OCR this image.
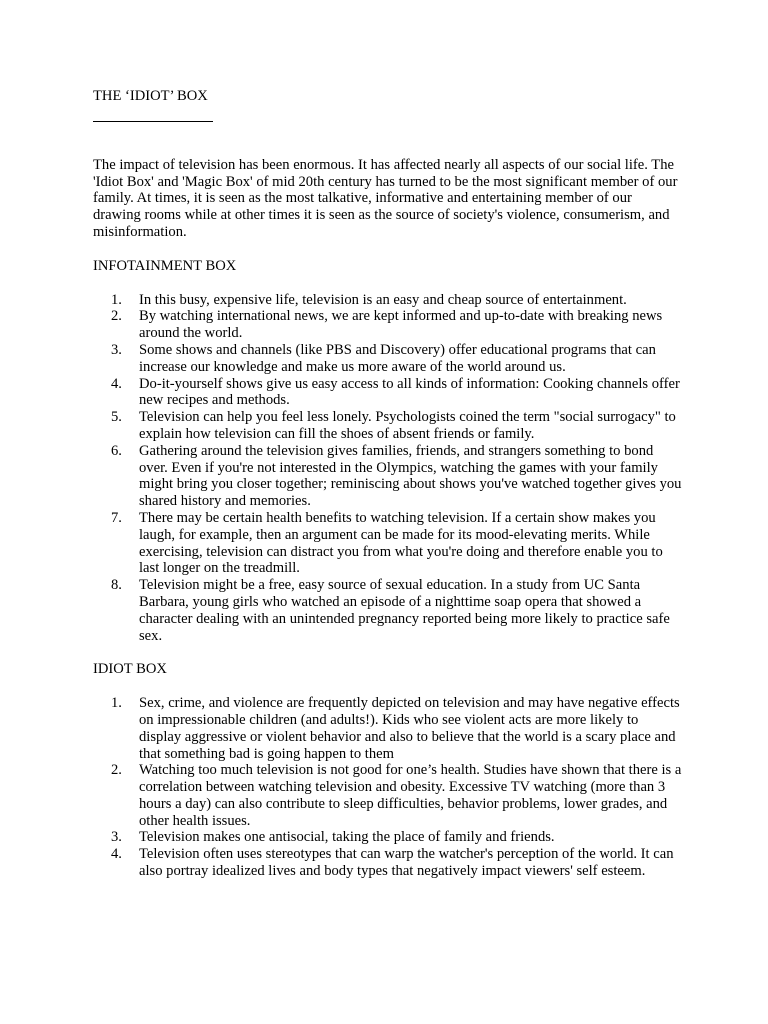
THE ‘IDIOT’ BOX

The impact of television has been enormous. It has affected nearly all aspects of our social life. The 'Idiot Box' and 'Magic Box' of mid 20th century has turned to be the most significant member of our family. At times, it is seen as the most talkative, informative and entertaining member of our drawing rooms while at other times it is seen as the source of society's violence, consumerism, and misinformation.

INFOTAINMENT BOX
1.	In this busy, expensive life, television is an easy and cheap source of entertainment.
2.	By watching international news, we are kept informed and up-to-date with breaking news around the world.
3.	Some shows and channels (like PBS and Discovery) offer educational programs that can increase our knowledge and make us more aware of the world around us.
4.	Do-it-yourself shows give us easy access to all kinds of information: Cooking channels offer new recipes and methods.
5.	Television can help you feel less lonely. Psychologists coined the term "social surrogacy" to explain how television can fill the shoes of absent friends or family.
6.	Gathering around the television gives families, friends, and strangers something to bond over. Even if you're not interested in the Olympics, watching the games with your family might bring you closer together; reminiscing about shows you've watched together gives you shared history and memories.
7.	There may be certain health benefits to watching television. If a certain show makes you laugh, for example, then an argument can be made for its mood-elevating merits. While exercising, television can distract you from what you're doing and therefore enable you to last longer on the treadmill.
8.	Television might be a free, easy source of sexual education. In a study from UC Santa Barbara, young girls who watched an episode of a nighttime soap opera that showed a character dealing with an unintended pregnancy reported being more likely to practice safe sex.
IDIOT BOX
1.	Sex, crime, and violence are frequently depicted on television and may have negative effects on impressionable children (and adults!). Kids who see violent acts are more likely to display aggressive or violent behavior and also to believe that the world is a scary place and that something bad is going happen to them
2.	Watching too much television is not good for one’s health. Studies have shown that there is a correlation between watching television and obesity. Excessive TV watching (more than 3 hours a day) can also contribute to sleep difficulties, behavior problems, lower grades, and other health issues.
3.	Television makes one antisocial, taking the place of family and friends.
4.	Television often uses stereotypes that can warp the watcher's perception of the world. It can also portray idealized lives and body types that negatively impact viewers' self esteem.
